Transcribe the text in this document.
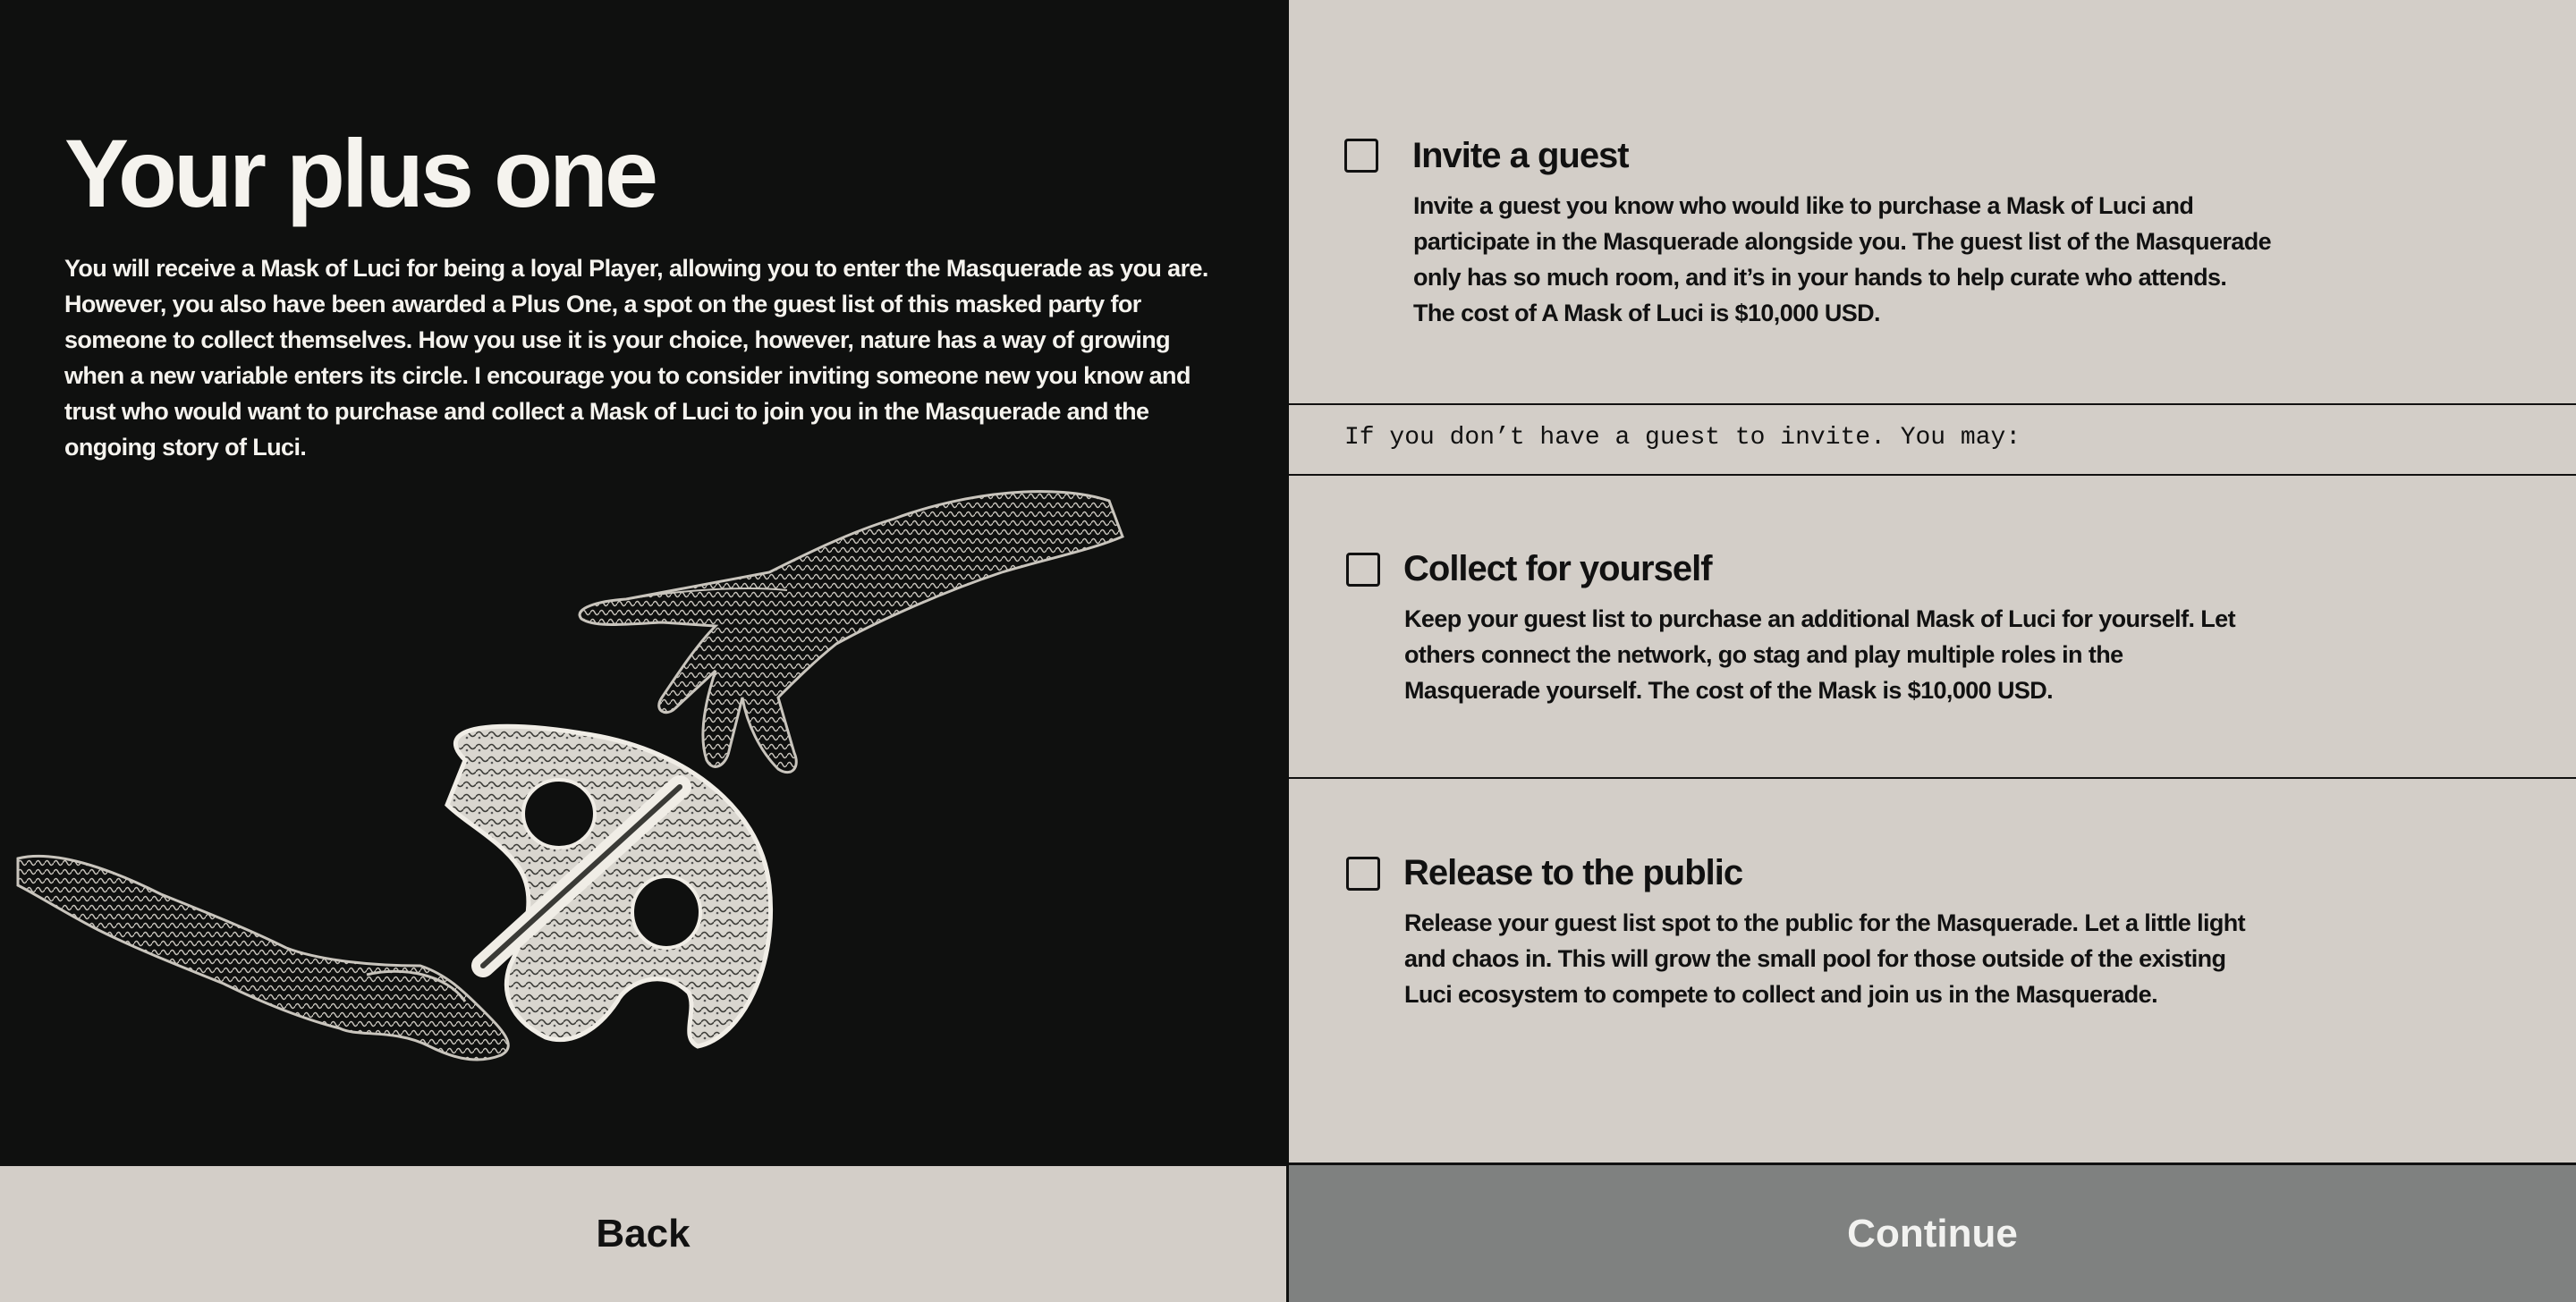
Your plus one

You will receive a Mask of Luci for being a loyal Player, allowing you to enter the Masquerade as you are. However, you also have been awarded a Plus One, a spot on the guest list of this masked party for someone to collect themselves. How you use it is your choice, however, nature has a way of growing when a new variable enters its circle. I encourage you to consider inviting someone new you know and trust who would want to purchase and collect a Mask of Luci to join you in the Masquerade and the ongoing story of Luci.

Invite a guest

Invite a guest you know who would like to purchase a Mask of Luci and participate in the Masquerade alongside you. The guest list of the Masquerade only has so much room, and it’s in your hands to help curate who attends. The cost of A Mask of Luci is $10,000 USD.

If you don’t have a guest to invite. You may:

Collect for yourself

Keep your guest list to purchase an additional Mask of Luci for yourself. Let others connect the network, go stag and play multiple roles in the Masquerade yourself. The cost of the Mask is $10,000 USD.

Release to the public

Release your guest list spot to the public for the Masquerade. Let a little light and chaos in. This will grow the small pool for those outside of the existing Luci ecosystem to compete to collect and join us in the Masquerade.

Back	Continue
